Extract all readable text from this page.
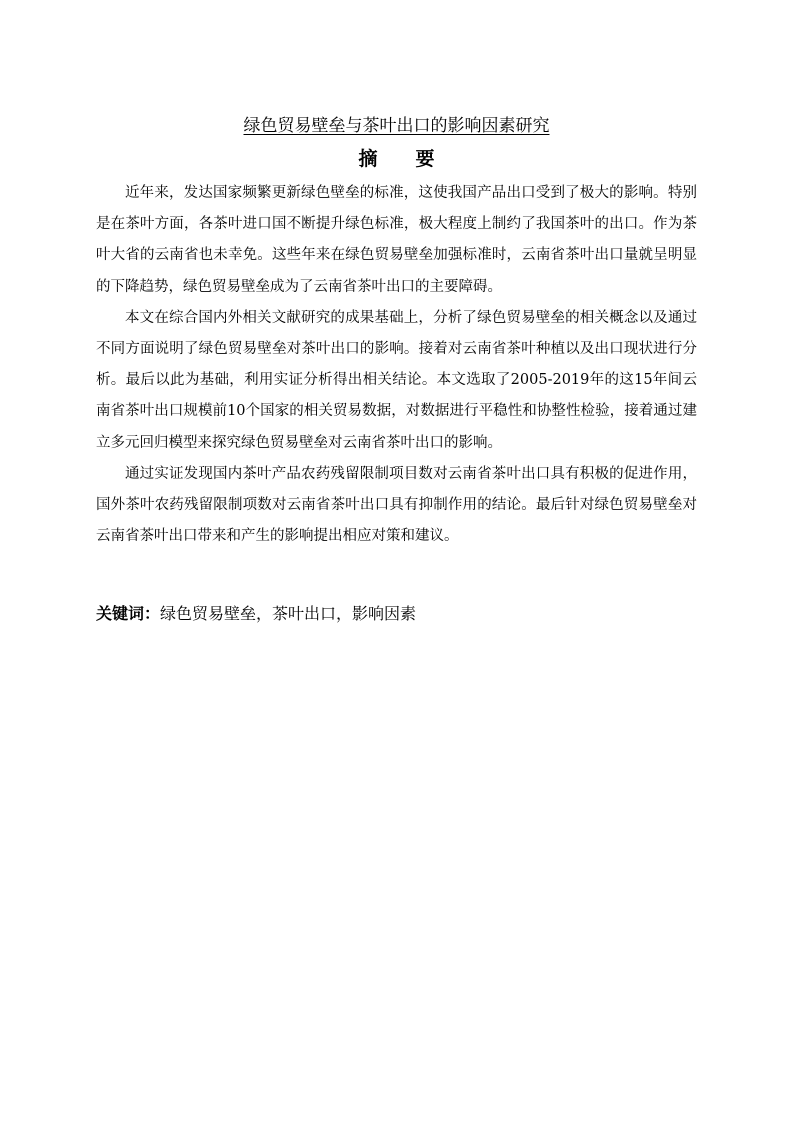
绿色贸易壁垒与茶叶出口的影响因素研究
摘 要

近年来，发达国家频繁更新绿色壁垒的标准，这使我国产品出口受到了极大的影响。特别是在茶叶方面，各茶叶进口国不断提升绿色标准，极大程度上制约了我国茶叶的出口。作为茶叶大省的云南省也未幸免。这些年来在绿色贸易壁垒加强标准时，云南省茶叶出口量就呈明显的下降趋势，绿色贸易壁垒成为了云南省茶叶出口的主要障碍。

本文在综合国内外相关文献研究的成果基础上，分析了绿色贸易壁垒的相关概念以及通过不同方面说明了绿色贸易壁垒对茶叶出口的影响。接着对云南省茶叶种植以及出口现状进行分析。最后以此为基础，利用实证分析得出相关结论。本文选取了2005-2019年的这15年间云南省茶叶出口规模前10个国家的相关贸易数据，对数据进行平稳性和协整性检验，接着通过建立多元回归模型来探究绿色贸易壁垒对云南省茶叶出口的影响。

通过实证发现国内茶叶产品农药残留限制项目数对云南省茶叶出口具有积极的促进作用，国外茶叶农药残留限制项数对云南省茶叶出口具有抑制作用的结论。最后针对绿色贸易壁垒对云南省茶叶出口带来和产生的影响提出相应对策和建议。

关键词：绿色贸易壁垒，茶叶出口，影响因素
